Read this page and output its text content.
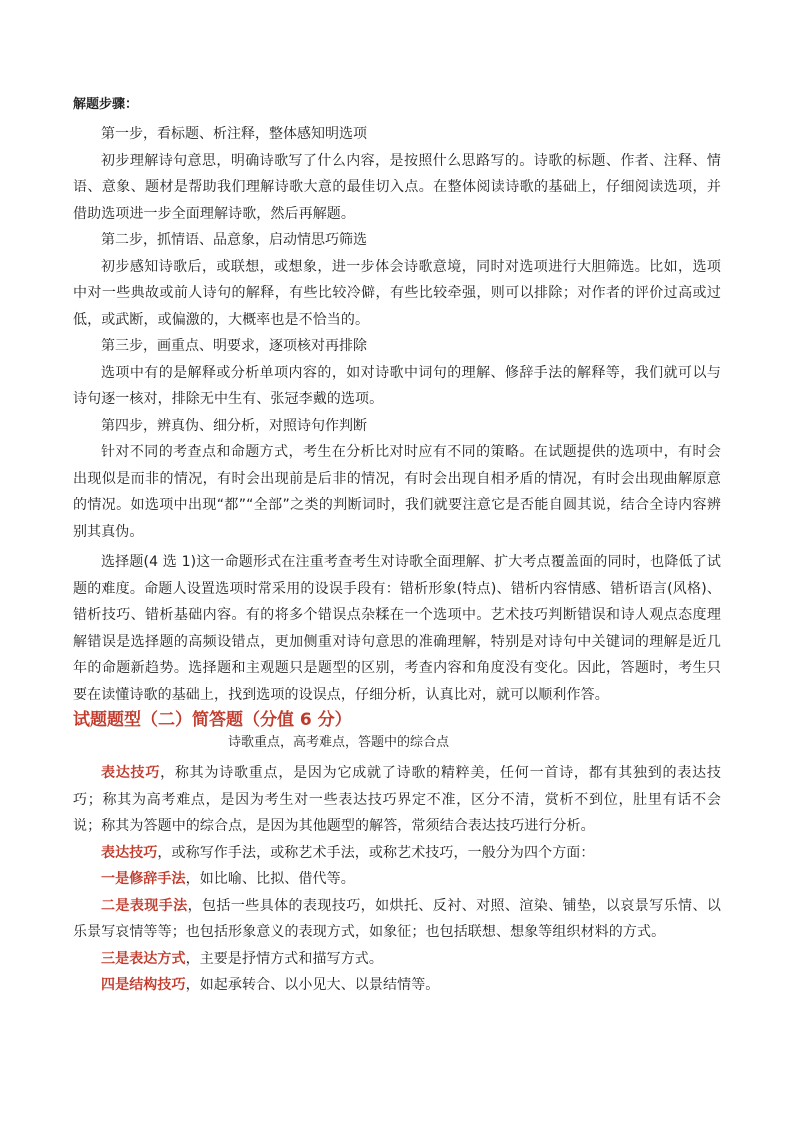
解题步骤：

第一步，看标题、析注释，整体感知明选项

初步理解诗句意思，明确诗歌写了什么内容，是按照什么思路写的。诗歌的标题、作者、注释、情语、意象、题材是帮助我们理解诗歌大意的最佳切入点。在整体阅读诗歌的基础上，仔细阅读选项，并借助选项进一步全面理解诗歌，然后再解题。

第二步，抓情语、品意象，启动情思巧筛选

初步感知诗歌后，或联想，或想象，进一步体会诗歌意境，同时对选项进行大胆筛选。比如，选项中对一些典故或前人诗句的解释，有些比较冷僻，有些比较牵强，则可以排除；对作者的评价过高或过低，或武断，或偏激的，大概率也是不恰当的。

第三步，画重点、明要求，逐项核对再排除

选项中有的是解释或分析单项内容的，如对诗歌中词句的理解、修辞手法的解释等，我们就可以与诗句逐一核对，排除无中生有、张冠李戴的选项。

第四步，辨真伪、细分析，对照诗句作判断

针对不同的考查点和命题方式，考生在分析比对时应有不同的策略。在试题提供的选项中，有时会出现似是而非的情况，有时会出现前是后非的情况，有时会出现自相矛盾的情况，有时会出现曲解原意的情况。如选项中出现“都”“全部”之类的判断词时，我们就要注意它是否能自圆其说，结合全诗内容辨别其真伪。

选择题(4 选 1)这一命题形式在注重考查考生对诗歌全面理解、扩大考点覆盖面的同时，也降低了试题的难度。命题人设置选项时常采用的设误手段有：错析形象(特点)、错析内容情感、错析语言(风格)、错析技巧、错析基础内容。有的将多个错误点杂糅在一个选项中。艺术技巧判断错误和诗人观点态度理解错误是选择题的高频设错点，更加侧重对诗句意思的准确理解，特别是对诗句中关键词的理解是近几年的命题新趋势。选择题和主观题只是题型的区别，考查内容和角度没有变化。因此，答题时，考生只要在读懂诗歌的基础上，找到选项的设误点，仔细分析，认真比对，就可以顺利作答。

试题题型（二）简答题（分值 6 分）

诗歌重点，高考难点，答题中的综合点

表达技巧，称其为诗歌重点，是因为它成就了诗歌的精粹美，任何一首诗，都有其独到的表达技巧；称其为高考难点，是因为考生对一些表达技巧界定不准，区分不清，赏析不到位，肚里有话不会说；称其为答题中的综合点，是因为其他题型的解答，常须结合表达技巧进行分析。

表达技巧，或称写作手法，或称艺术手法，或称艺术技巧，一般分为四个方面：

一是修辞手法，如比喻、比拟、借代等。

二是表现手法，包括一些具体的表现技巧，如烘托、反衬、对照、渲染、铺垫，以哀景写乐情、以乐景写哀情等等；也包括形象意义的表现方式，如象征；也包括联想、想象等组织材料的方式。

三是表达方式，主要是抒情方式和描写方式。

四是结构技巧，如起承转合、以小见大、以景结情等。
